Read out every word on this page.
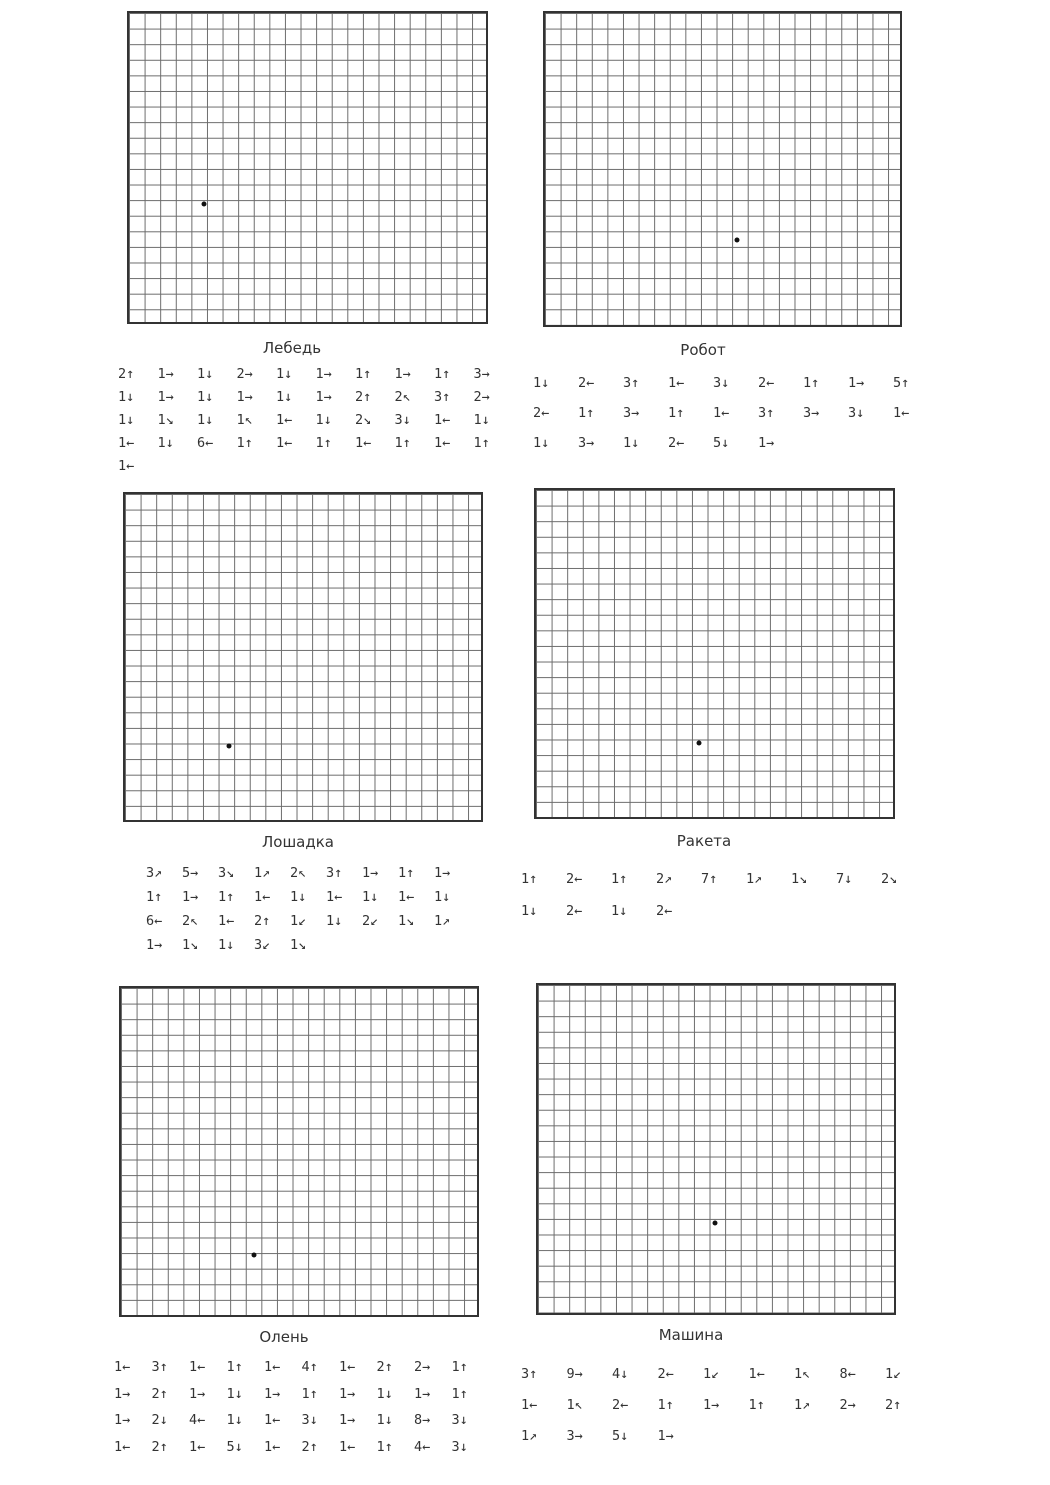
Лебедь
2↑ 1→ 1↓ 2→ 1↓ 1→ 1↑ 1→ 1↑ 3→
1↓ 1→ 1↓ 1→ 1↓ 1→ 2↑ 2↖ 3↑ 2→
1↓ 1↘ 1↓ 1↖ 1← 1↓ 2↘ 3↓ 1← 1↓
1← 1↓ 6← 1↑ 1← 1↑ 1← 1↑ 1← 1↑
1←
Робот
1↓ 2← 3↑ 1← 3↓ 2← 1↑ 1→ 5↑
2← 1↑ 3→ 1↑ 1← 3↑ 3→ 3↓ 1←
1↓ 3→ 1↓ 2← 5↓ 1→
Лошадка
3↗ 5→ 3↘ 1↗ 2↖ 3↑ 1→ 1↑ 1→
1↑ 1→ 1↑ 1← 1↓ 1← 1↓ 1← 1↓
6← 2↖ 1← 2↑ 1↙ 1↓ 2↙ 1↘ 1↗
1→ 1↘ 1↓ 3↙ 1↘
Ракета
1↑ 2← 1↑ 2↗ 7↑ 1↗ 1↘ 7↓ 2↘
1↓ 2← 1↓ 2←
Олень
1← 3↑ 1← 1↑ 1← 4↑ 1← 2↑ 2→ 1↑
1→ 2↑ 1→ 1↓ 1→ 1↑ 1→ 1↓ 1→ 1↑
1→ 2↓ 4← 1↓ 1← 3↓ 1→ 1↓ 8→ 3↓
1← 2↑ 1← 5↓ 1← 2↑ 1← 1↑ 4← 3↓
Машина
3↑ 9→ 4↓ 2← 1↙ 1← 1↖ 8← 1↙
1← 1↖ 2← 1↑ 1→ 1↑ 1↗ 2→ 2↑
1↗ 3→ 5↓ 1→
